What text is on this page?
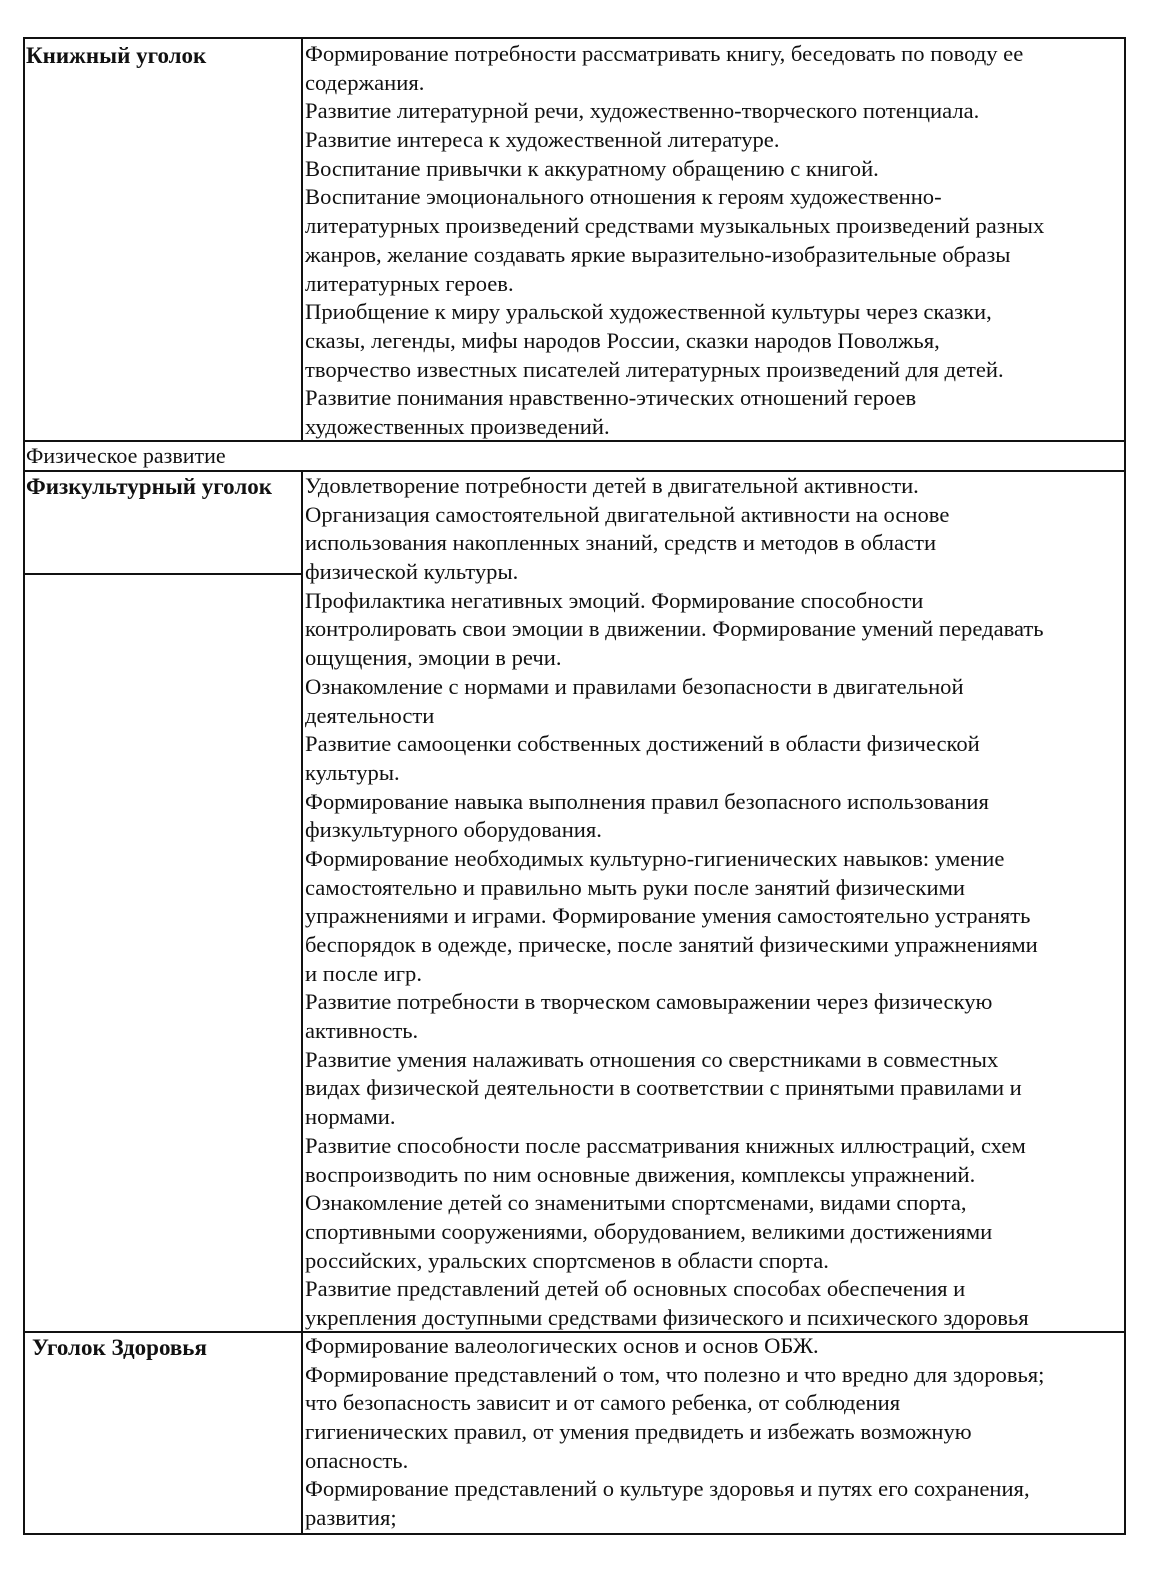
Книжный уголок	Формирование потребности рассматривать книгу, беседовать по поводу ее
содержания.
Развитие литературной речи, художественно-творческого потенциала.
Развитие интереса к художественной литературе.
Воспитание привычки к аккуратному обращению с книгой.
Воспитание эмоционального отношения к героям художественно-
литературных произведений средствами музыкальных произведений разных
жанров, желание создавать яркие выразительно-изобразительные образы
литературных героев.
Приобщение к миру уральской художественной культуры через сказки,
сказы, легенды, мифы народов России, сказки народов Поволжья,
творчество известных писателей литературных произведений для детей.
Развитие понимания нравственно-этических отношений героев
художественных произведений.
Физическое развитие
Физкультурный уголок Удовлетворение потребности детей в двигательной активности.
Организация самостоятельной двигательной активности на основе
использования накопленных знаний, средств и методов в области
физической культуры.
Профилактика негативных эмоций. Формирование способности
контролировать свои эмоции в движении. Формирование умений передавать
ощущения, эмоции в речи.
Ознакомление с нормами и правилами безопасности в двигательной
деятельности
Развитие самооценки собственных достижений в области физической
культуры.
Формирование навыка выполнения правил безопасного использования
физкультурного оборудования.
Формирование необходимых культурно-гигиенических навыков: умение
самостоятельно и правильно мыть руки после занятий физическими
упражнениями и играми. Формирование умения самостоятельно устранять
беспорядок в одежде, прическе, после занятий физическими упражнениями
и после игр.
Развитие потребности в творческом самовыражении через физическую
активность.
Развитие умения налаживать отношения со сверстниками в совместных
видах физической деятельности в соответствии с принятыми правилами и
нормами.
Развитие способности после рассматривания книжных иллюстраций, схем
воспроизводить по ним основные движения, комплексы упражнений.
Ознакомление детей со знаменитыми спортсменами, видами спорта,
спортивными сооружениями, оборудованием, великими достижениями
российских, уральских спортсменов в области спорта.
Развитие представлений детей об основных способах обеспечения и
укрепления доступными средствами физического и психического здоровья
Уголок Здоровья	Формирование валеологических основ и основ ОБЖ.
Формирование представлений о том, что полезно и что вредно для здоровья;
что безопасность зависит и от самого ребенка, от соблюдения
гигиенических правил, от умения предвидеть и избежать возможную
опасность.
Формирование представлений о культуре здоровья и путях его сохранения,
развития;
